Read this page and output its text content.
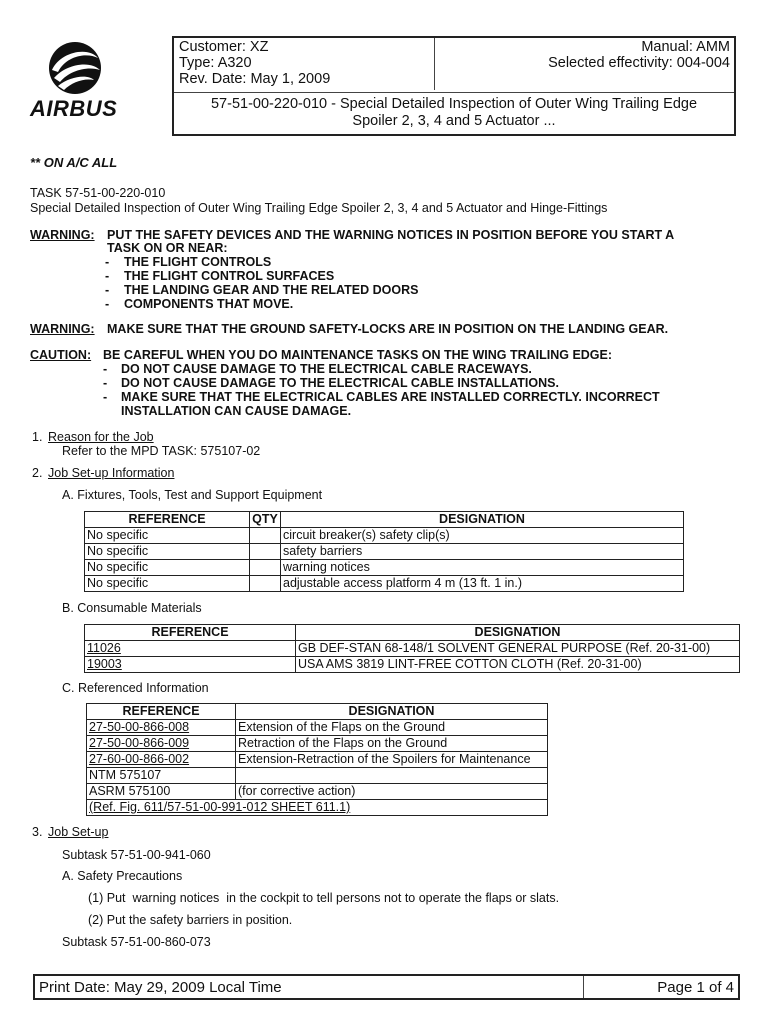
AIRBUS
Customer: XZ
Type: A320
Rev. Date: May 1, 2009
Manual: AMM
Selected effectivity: 004-004
57-51-00-220-010 - Special Detailed Inspection of Outer Wing Trailing Edge
Spoiler 2, 3, 4 and 5 Actuator ...
** ON A/C ALL
TASK 57-51-00-220-010
Special Detailed Inspection of Outer Wing Trailing Edge Spoiler 2, 3, 4 and 5 Actuator and Hinge-Fittings
WARNING: PUT THE SAFETY DEVICES AND THE WARNING NOTICES IN POSITION BEFORE YOU START A
TASK ON OR NEAR:
- THE FLIGHT CONTROLS
- THE FLIGHT CONTROL SURFACES
- THE LANDING GEAR AND THE RELATED DOORS
- COMPONENTS THAT MOVE.
WARNING: MAKE SURE THAT THE GROUND SAFETY-LOCKS ARE IN POSITION ON THE LANDING GEAR.
CAUTION: BE CAREFUL WHEN YOU DO MAINTENANCE TASKS ON THE WING TRAILING EDGE:
- DO NOT CAUSE DAMAGE TO THE ELECTRICAL CABLE RACEWAYS.
- DO NOT CAUSE DAMAGE TO THE ELECTRICAL CABLE INSTALLATIONS.
- MAKE SURE THAT THE ELECTRICAL CABLES ARE INSTALLED CORRECTLY. INCORRECT
INSTALLATION CAN CAUSE DAMAGE.
1. Reason for the Job
Refer to the MPD TASK: 575107-02
2. Job Set-up Information
A. Fixtures, Tools, Test and Support Equipment
REFERENCE	QTY	DESIGNATION
No specific		circuit breaker(s) safety clip(s)
No specific		safety barriers
No specific		warning notices
No specific		adjustable access platform 4 m (13 ft. 1 in.)
B. Consumable Materials
REFERENCE	DESIGNATION
11026	GB DEF-STAN 68-148/1 SOLVENT GENERAL PURPOSE (Ref. 20-31-00)
19003	USA AMS 3819 LINT-FREE COTTON CLOTH (Ref. 20-31-00)
C. Referenced Information
REFERENCE	DESIGNATION
27-50-00-866-008	Extension of the Flaps on the Ground
27-50-00-866-009	Retraction of the Flaps on the Ground
27-60-00-866-002	Extension-Retraction of the Spoilers for Maintenance
NTM 575107	
ASRM 575100	(for corrective action)
(Ref. Fig. 611/57-51-00-991-012 SHEET 611.1)	
3. Job Set-up
Subtask 57-51-00-941-060
A. Safety Precautions
(1) Put  warning notices  in the cockpit to tell persons not to operate the flaps or slats.
(2) Put the safety barriers in position.
Subtask 57-51-00-860-073
Print Date: May 29, 2009 Local Time	Page 1 of 4
